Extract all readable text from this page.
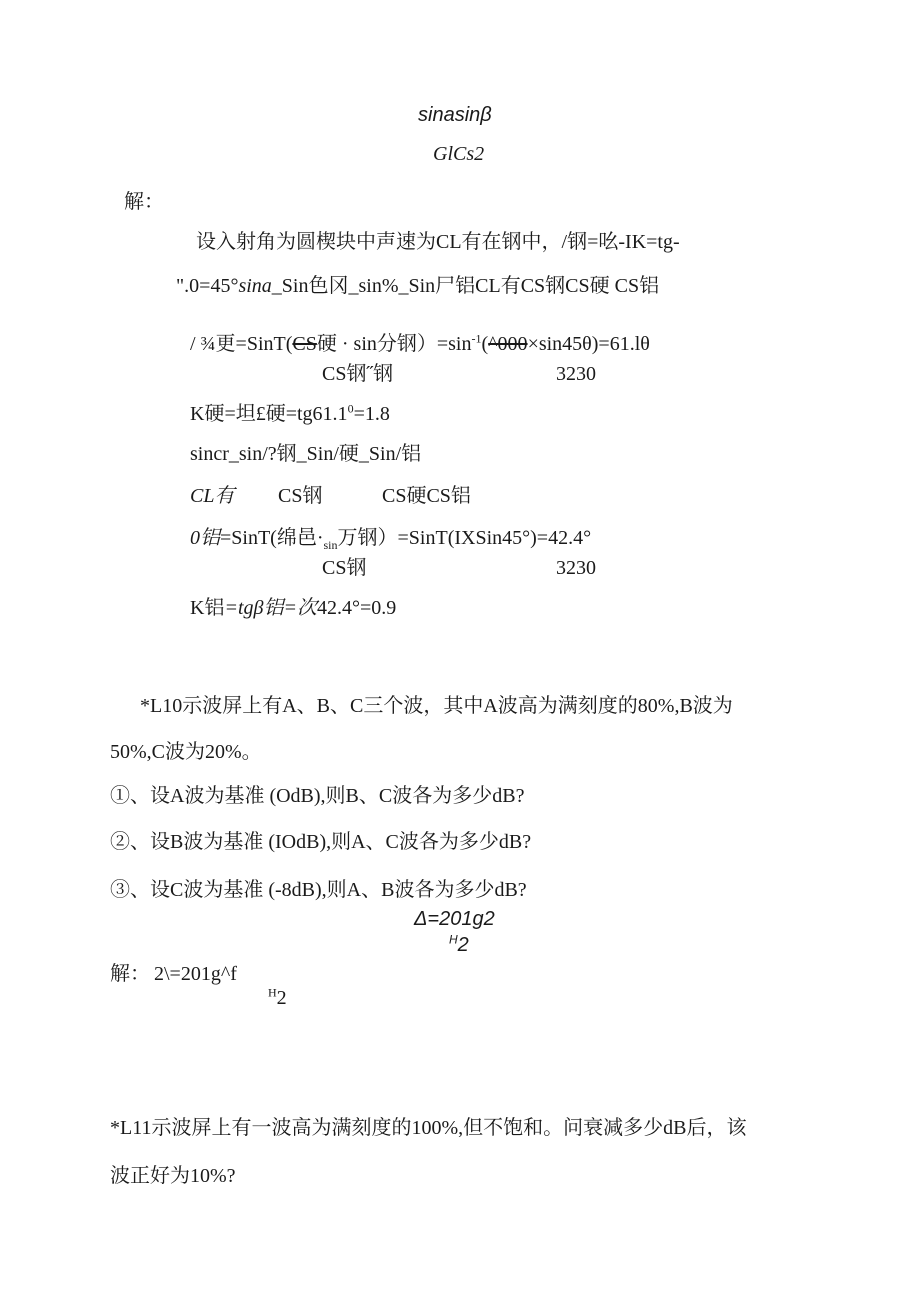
sinasinβ
GlCs2
解：
设入射角为圆楔块中声速为CL有在钢中，/钢=吆-IK=tg-
".0=45°sina_Sin色冈_sin%_Sin尸铝CL有CS钢CS硬 CS铝
/ ¾更=SinT(CS硬 · sin分钢）$=\sin^{-1}(\^{}000\times\sin 45\theta)=61.l\theta$
CS钢˝钢	3230
K硬=坦£硬$=tg61.1^0=1.8$
sincr_sin/?钢_Sin/硬_Sin/铝
CL有 CS钢	CS硬CS铝
0铝=SinT(绵邑$\cdot_{sin}$万钢）=SinT(IXSin45°)=42.4°
CS钢	3230
K铝=tgβ铝=次42.4°=0.9
*L10示波屏上有A、B、C三个波，其中A波高为满刻度的80%,B波为
50%,C波为20%。
①、设A波为基准 (OdB),则B、C波各为多少dB?
②、设B波为基准 (IOdB),则A、C波各为多少dB?
③、设C波为基准 (-8dB),则A、B波各为多少dB?
Δ=201g2
$^H$2
解： 2\=201g^f
$^H$2
*L11示波屏上有一波高为满刻度的100%,但不饱和。问衰减多少dB后，该
波正好为10%?
